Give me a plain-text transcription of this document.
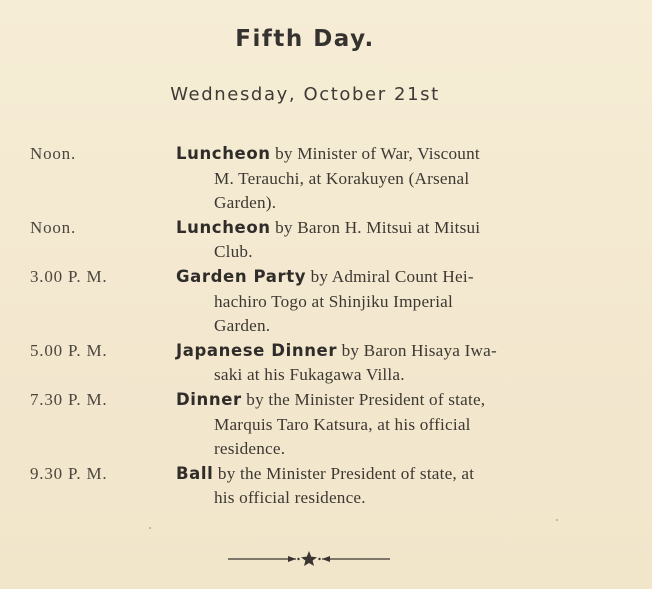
Fifth Day.
Wednesday, October 21st
Noon.	Luncheon by Minister of War, Viscount
M. Terauchi, at Korakuyen (Arsenal
Garden).
Noon.	Luncheon by Baron H. Mitsui at Mitsui
Club.
3.00 P. M.	Garden Party by Admiral Count Hei-
hachiro Togo at Shinjiku Imperial
Garden.
5.00 P. M.	Japanese Dinner by Baron Hisaya Iwa-
saki at his Fukagawa Villa.
7.30 P. M.	Dinner by the Minister President of state,
Marquis Taro Katsura, at his official
residence.
9.30 P. M.	Ball by the Minister President of state, at
his official residence.
